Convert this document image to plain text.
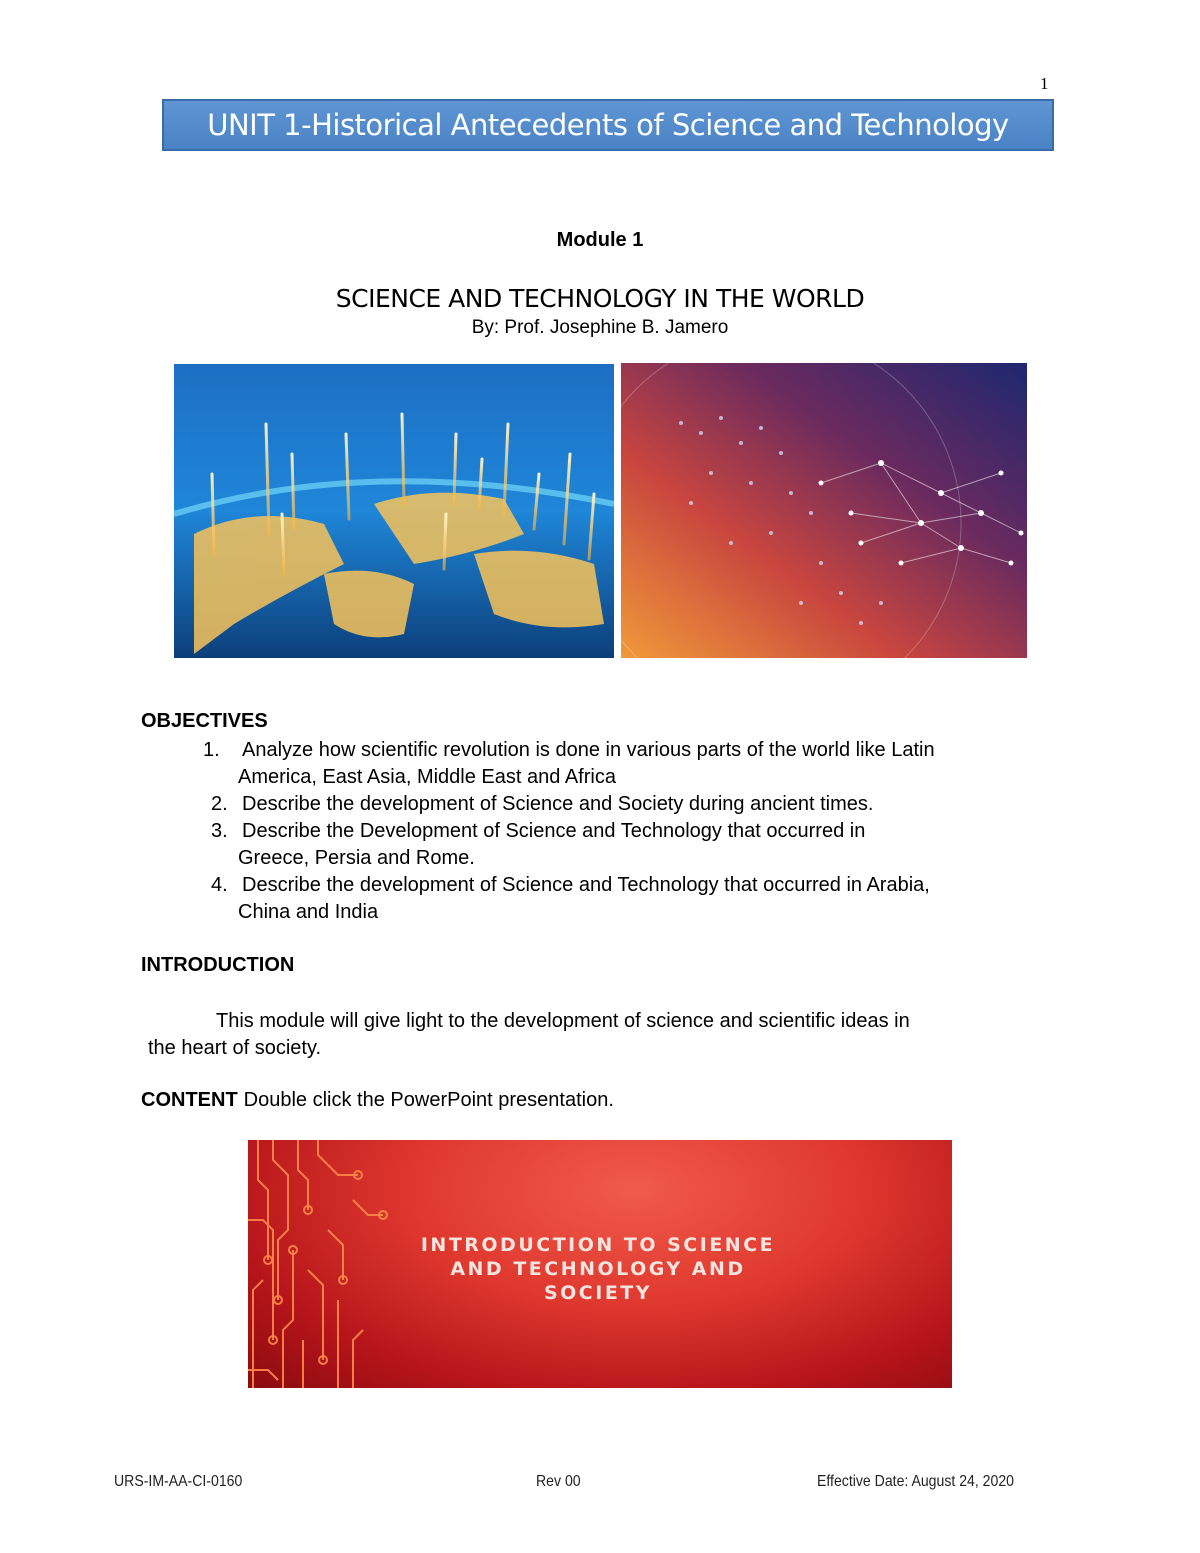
1
UNIT 1-Historical Antecedents of Science and Technology
Module 1
SCIENCE AND TECHNOLOGY IN THE WORLD
By: Prof. Josephine B. Jamero
OBJECTIVES
1. Analyze how scientific revolution is done in various parts of the world like Latin
America, East Asia, Middle East and Africa
2. Describe the development of Science and Society during ancient times.
3. Describe the Development of Science and Technology that occurred in
Greece, Persia and Rome.
4. Describe the development of Science and Technology that occurred in Arabia,
China and India
INTRODUCTION
This module will give light to the development of science and scientific ideas in
the heart of society.
CONTENT Double click the PowerPoint presentation.
INTRODUCTION TO SCIENCE
AND TECHNOLOGY AND
SOCIETY
URS-IM-AA-CI-0160	Rev 00	Effective Date: August 24, 2020
